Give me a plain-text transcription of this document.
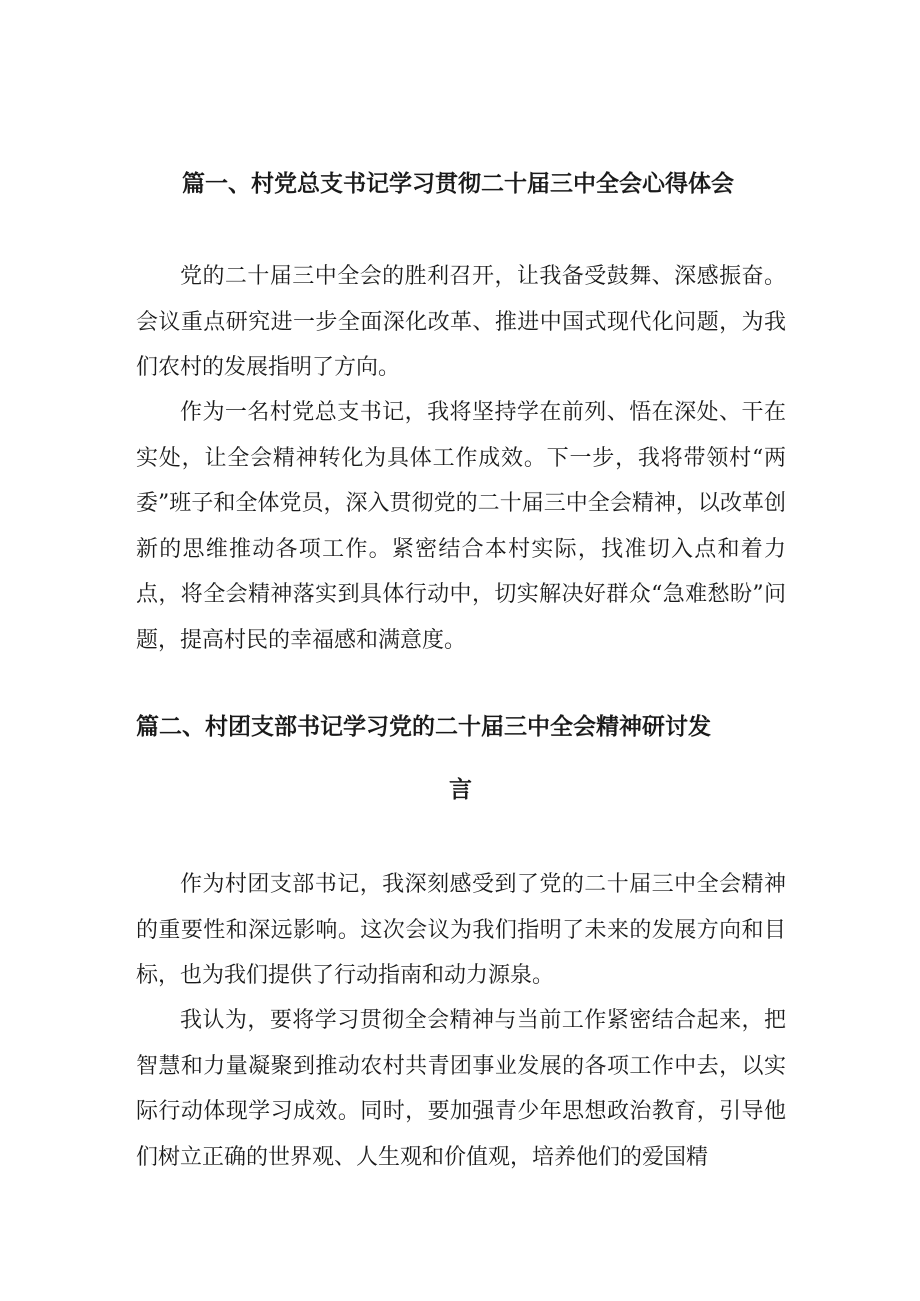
篇一、村党总支书记学习贯彻二十届三中全会心得体会

党的二十届三中全会的胜利召开，让我备受鼓舞、深感振奋。会议重点研究进一步全面深化改革、推进中国式现代化问题，为我们农村的发展指明了方向。

作为一名村党总支书记，我将坚持学在前列、悟在深处、干在实处，让全会精神转化为具体工作成效。下一步，我将带领村“两委”班子和全体党员，深入贯彻党的二十届三中全会精神，以改革创新的思维推动各项工作。紧密结合本村实际，找准切入点和着力点，将全会精神落实到具体行动中，切实解决好群众“急难愁盼”问题，提高村民的幸福感和满意度。

篇二、村团支部书记学习党的二十届三中全会精神研讨发
言

作为村团支部书记，我深刻感受到了党的二十届三中全会精神的重要性和深远影响。这次会议为我们指明了未来的发展方向和目标，也为我们提供了行动指南和动力源泉。

我认为，要将学习贯彻全会精神与当前工作紧密结合起来，把智慧和力量凝聚到推动农村共青团事业发展的各项工作中去，以实际行动体现学习成效。同时，要加强青少年思想政治教育，引导他们树立正确的世界观、人生观和价值观，培养他们的爱国精
